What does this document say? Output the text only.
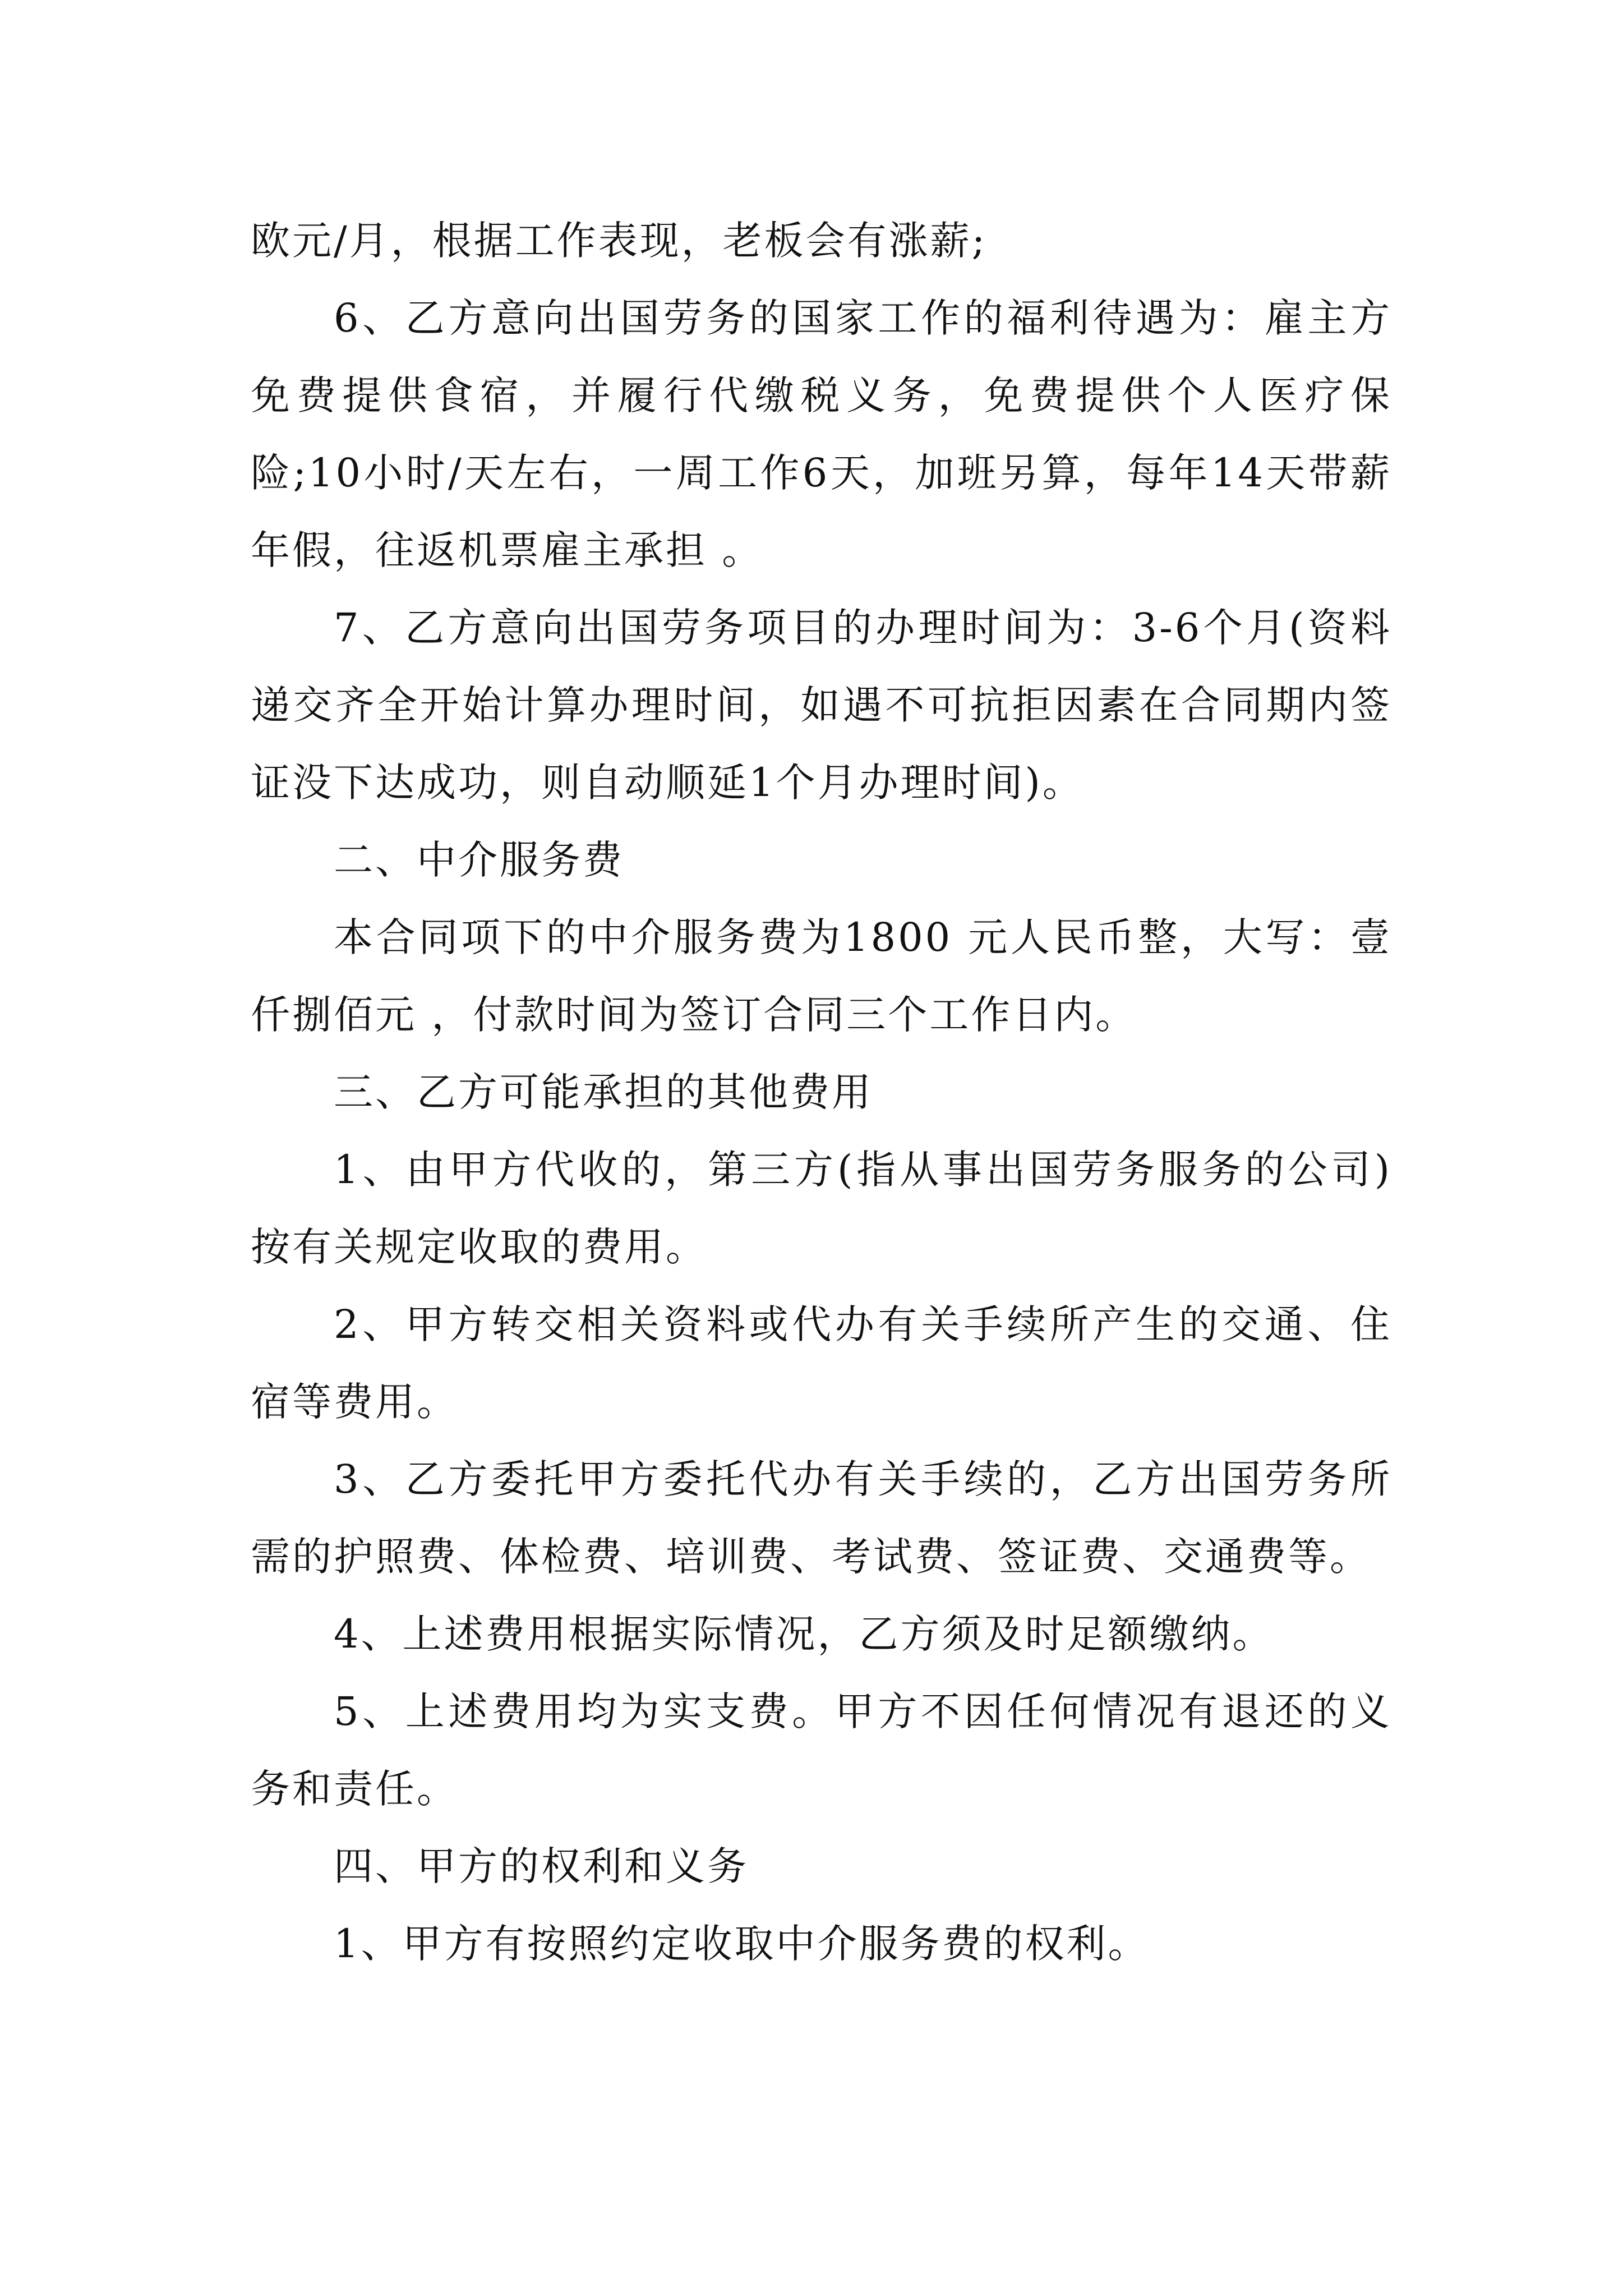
欧元/月，根据工作表现，老板会有涨薪;

6、乙方意向出国劳务的国家工作的福利待遇为：雇主方免费提供食宿，并履行代缴税义务，免费提供个人医疗保险;10小时/天左右，一周工作6天，加班另算，每年14天带薪年假，往返机票雇主承担 。

7、乙方意向出国劳务项目的办理时间为：3-6个月(资料递交齐全开始计算办理时间，如遇不可抗拒因素在合同期内签证没下达成功，则自动顺延1个月办理时间)。

二、中介服务费

本合同项下的中介服务费为1800 元人民币整，大写：壹仟捌佰元 ，付款时间为签订合同三个工作日内。

三、乙方可能承担的其他费用

1、由甲方代收的，第三方(指从事出国劳务服务的公司)按有关规定收取的费用。

2、甲方转交相关资料或代办有关手续所产生的交通、住宿等费用。

3、乙方委托甲方委托代办有关手续的，乙方出国劳务所需的护照费、体检费、培训费、考试费、签证费、交通费等。

4、上述费用根据实际情况，乙方须及时足额缴纳。

5、上述费用均为实支费。甲方不因任何情况有退还的义务和责任。

四、甲方的权利和义务

1、甲方有按照约定收取中介服务费的权利。
